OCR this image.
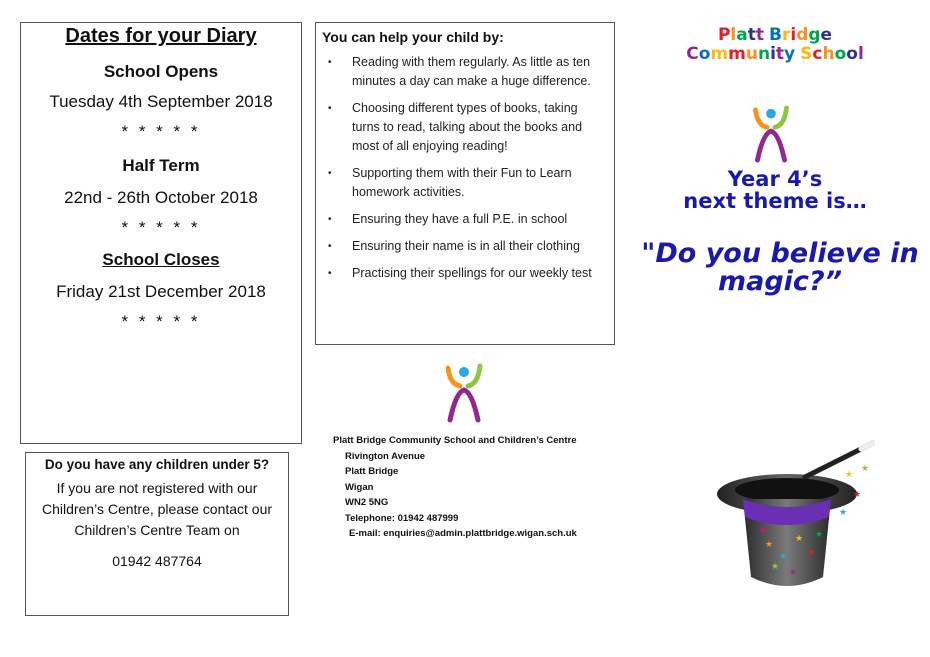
Dates for your Diary

School Opens

Tuesday 4th September 2018

* * * * *

Half Term

22nd - 26th October 2018

* * * * *

School Closes

Friday 21st December 2018

* * * * *

You can help your child by:

• Reading with them regularly. As little as ten minutes a day can make a huge difference.
• Choosing different types of books, taking turns to read, talking about the books and most of all enjoying reading!
• Supporting them with their Fun to Learn homework activities.
• Ensuring they have a full P.E. in school
• Ensuring their name is in all their clothing
• Practising their spellings for our weekly test

Do you have any children under 5?

If you are not registered with our Children’s Centre, please contact our Children’s Centre Team on

01942 487764

Platt Bridge Community School and Children’s Centre
Rivington Avenue
Platt Bridge
Wigan
WN2 5NG
Telephone: 01942 487999
E-mail: enquiries@admin.plattbridge.wigan.sch.uk
Platt Bridge
Community School
Year 4’s
next theme is…
"Do you believe in magic?”
★
★
★
★
★
★
★
★
★
★
★
★
